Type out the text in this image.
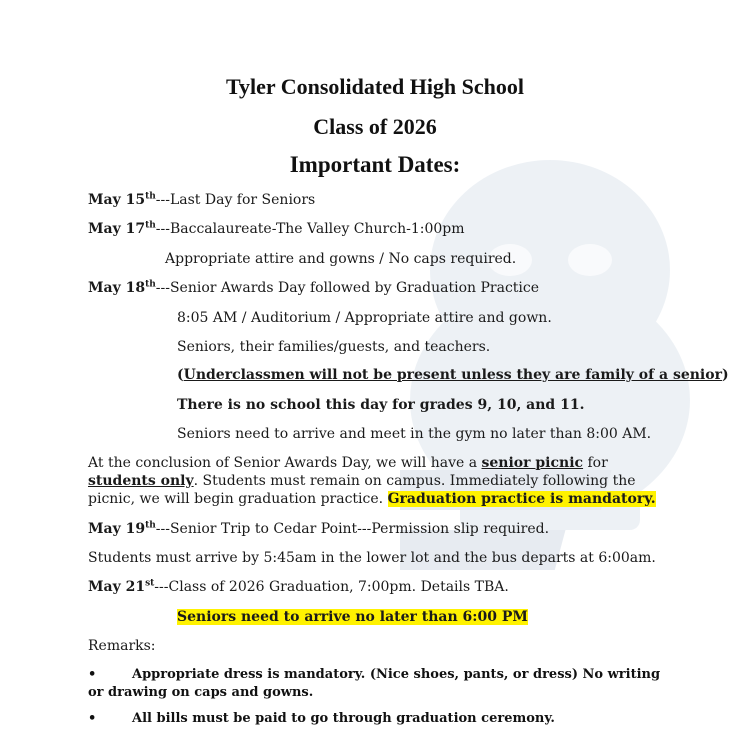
Tyler Consolidated High School
Class of 2026
Important Dates:
May 15th---Last Day for Seniors
May 17th---Baccalaureate-The Valley Church-1:00pm
Appropriate attire and gowns / No caps required.
May 18th---Senior Awards Day followed by Graduation Practice
8:05 AM / Auditorium / Appropriate attire and gown.
Seniors, their families/guests, and teachers.
(Underclassmen will not be present unless they are family of a senior)
There is no school this day for grades 9, 10, and 11.
Seniors need to arrive and meet in the gym no later than 8:00 AM.
At the conclusion of Senior Awards Day, we will have a senior picnic for students only. Students must remain on campus. Immediately following the picnic, we will begin graduation practice. Graduation practice is mandatory.
May 19th---Senior Trip to Cedar Point---Permission slip required.
Students must arrive by 5:45am in the lower lot and the bus departs at 6:00am.
May 21st---Class of 2026 Graduation, 7:00pm. Details TBA.
Seniors need to arrive no later than 6:00 PM
Remarks:
•	Appropriate dress is mandatory. (Nice shoes, pants, or dress) No writing or drawing on caps and gowns.
•	All bills must be paid to go through graduation ceremony.
